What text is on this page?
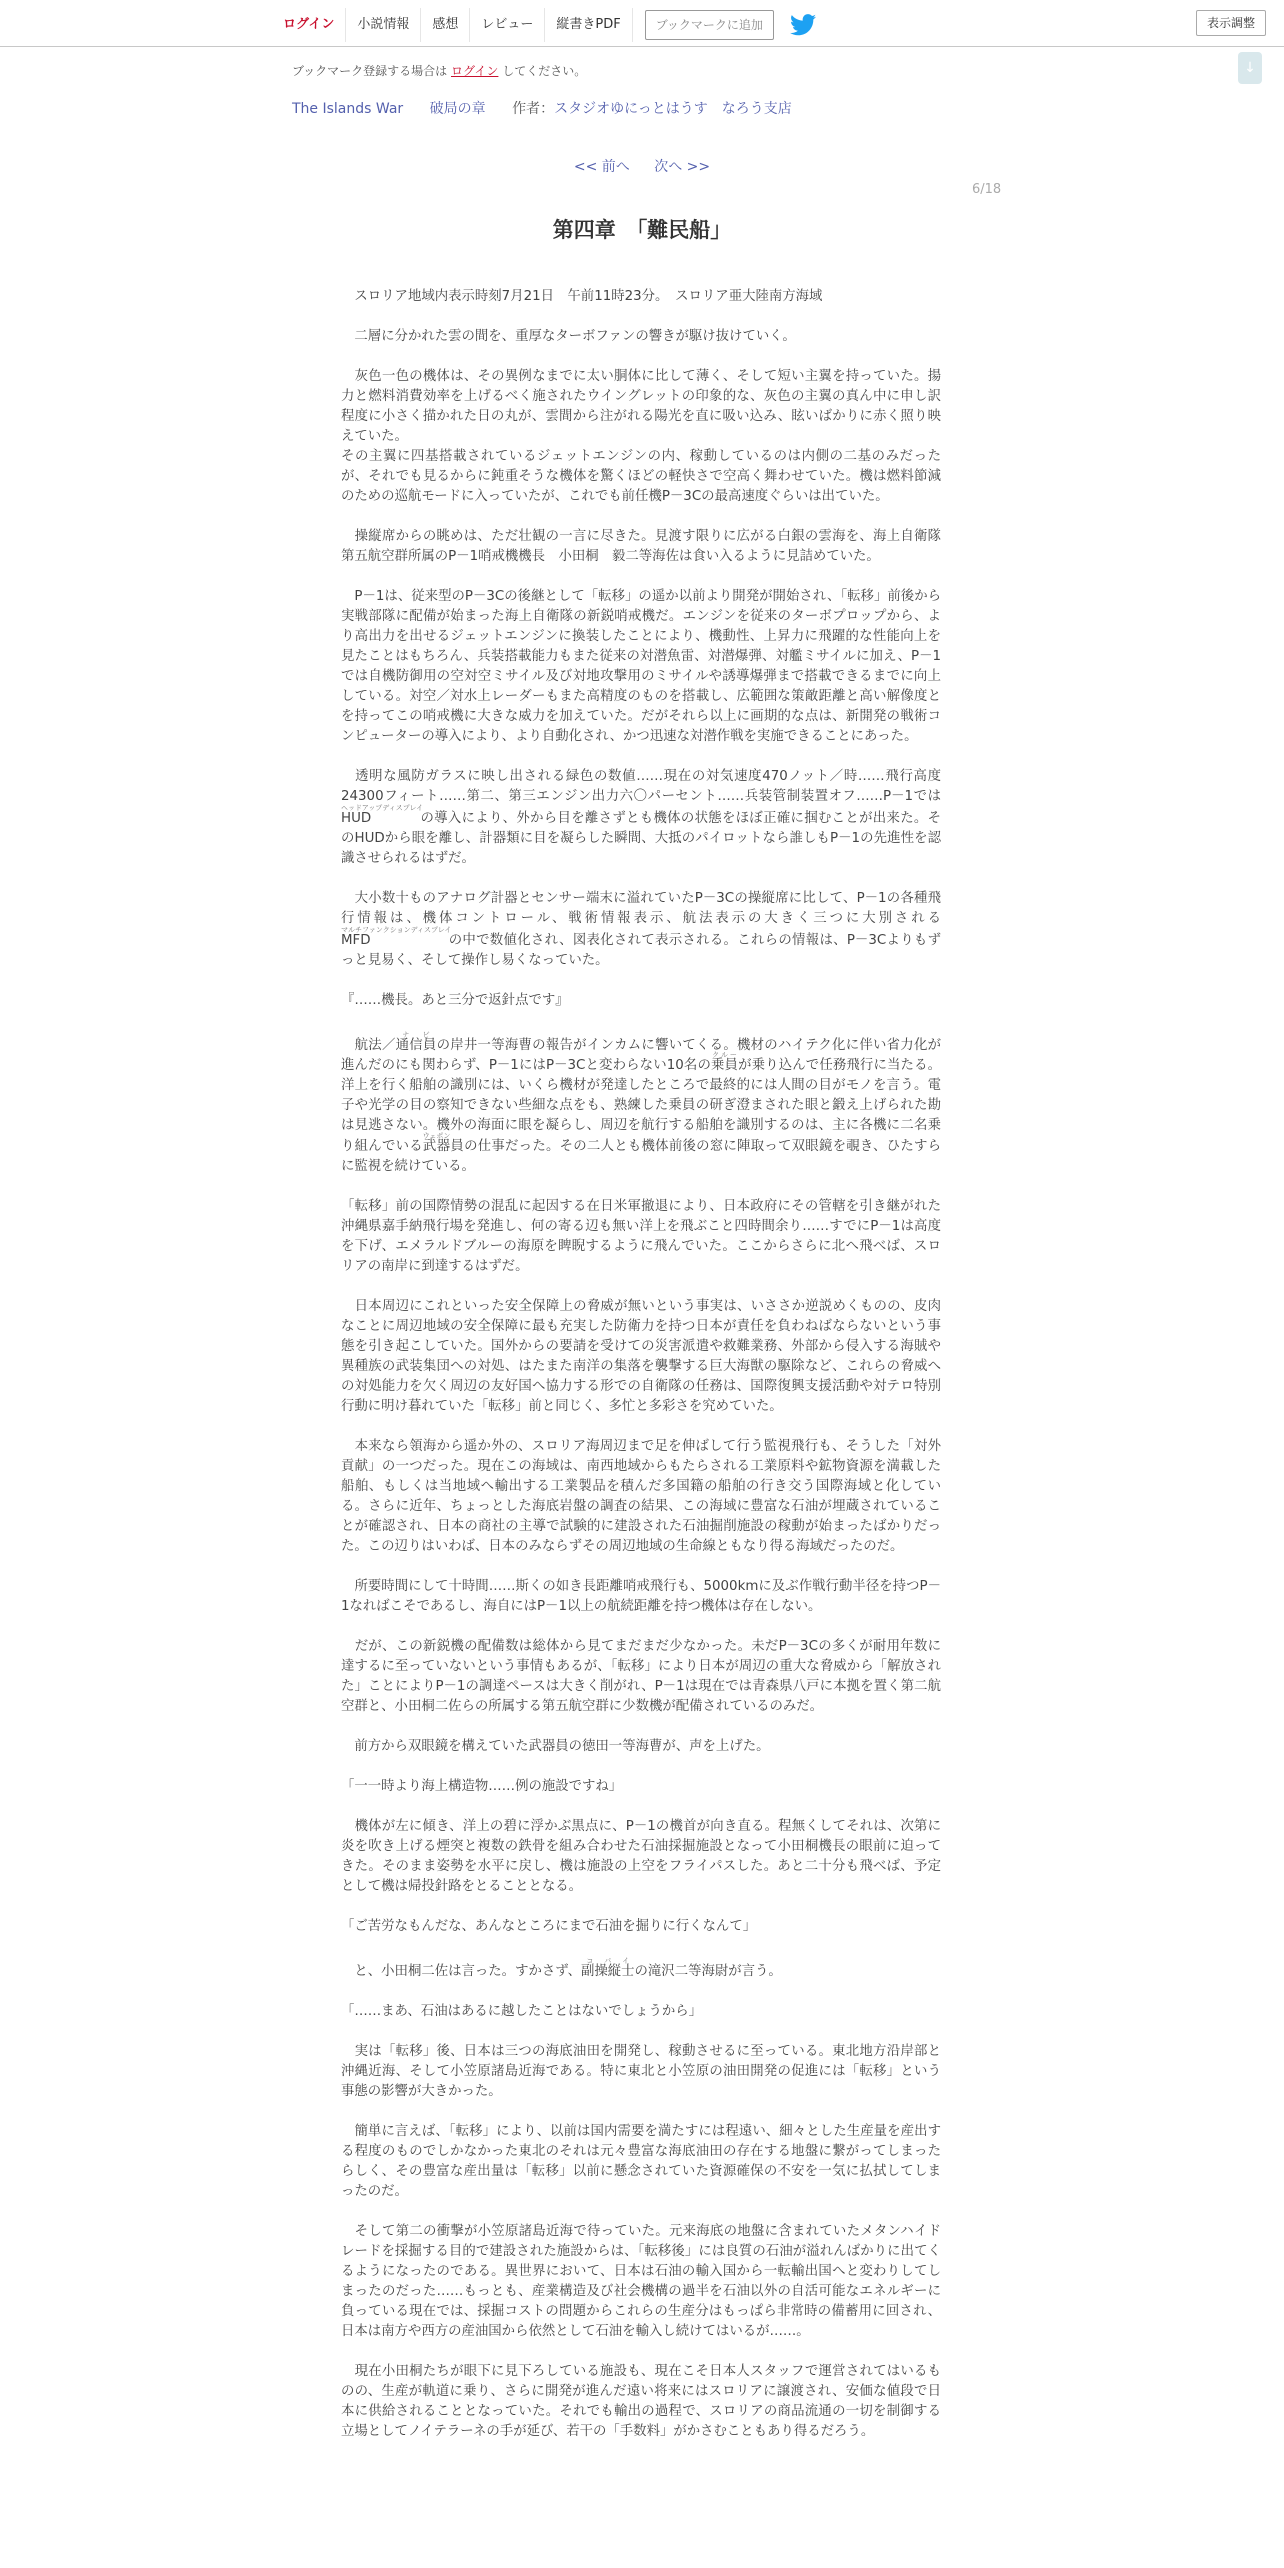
ログイン	小説情報	感想	レビュー	縦書きPDF	ブックマークに追加	表示調整
↓
ブックマーク登録する場合は ログイン してください。
The Islands War 破局の章 作者：スタジオゆにっとはうす　なろう支店
<< 前へ 次へ >>
6/18
第四章　「難民船」

　スロリア地域内表示時刻7月21日　午前11時23分。　スロリア亜大陸南方海域

　二層に分かれた雲の間を、重厚なターボファンの響きが駆け抜けていく。

　灰色一色の機体は、その異例なまでに太い胴体に比して薄く、そして短い主翼を持っていた。揚力と燃料消費効率を上げるべく施されたウイングレットの印象的な、灰色の主翼の真ん中に申し訳程度に小さく描かれた日の丸が、雲間から注がれる陽光を直に吸い込み、眩いばかりに赤く照り映えていた。
その主翼に四基搭載されているジェットエンジンの内、稼動しているのは内側の二基のみだったが、それでも見るからに鈍重そうな機体を驚くほどの軽快さで空高く舞わせていた。機は燃料節減のための巡航モードに入っていたが、これでも前任機P－3Cの最高速度ぐらいは出ていた。

　操縦席からの眺めは、ただ壮観の一言に尽きた。見渡す限りに広がる白銀の雲海を、海上自衛隊第五航空群所属のP－1哨戒機機長　小田桐　毅二等海佐は食い入るように見詰めていた。

　P－1は、従来型のP－3Cの後継として「転移」の遥か以前より開発が開始され、「転移」前後から実戦部隊に配備が始まった海上自衛隊の新鋭哨戒機だ。エンジンを従来のターボプロップから、より高出力を出せるジェットエンジンに換装したことにより、機動性、上昇力に飛躍的な性能向上を見たことはもちろん、兵装搭載能力もまた従来の対潜魚雷、対潜爆弾、対艦ミサイルに加え、P－1では自機防御用の空対空ミサイル及び対地攻撃用のミサイルや誘導爆弾まで搭載できるまでに向上している。対空／対水上レーダーもまた高精度のものを搭載し、広範囲な策敵距離と高い解像度とを持ってこの哨戒機に大きな威力を加えていた。だがそれら以上に画期的な点は、新開発の戦術コンピューターの導入により、より自動化され、かつ迅速な対潜作戦を実施できることにあった。

　透明な風防ガラスに映し出される緑色の数値……現在の対気速度470ノット／時……飛行高度24300フィート……第二、第三エンジン出力六〇パーセント……兵装管制装置オフ……P－1ではHUDヘッドアップディスプレイの導入により、外から目を離さずとも機体の状態をほぼ正確に掴むことが出来た。そのHUDから眼を離し、計器類に目を凝らした瞬間、大抵のパイロットなら誰しもP－1の先進性を認識させられるはずだ。

　大小数十ものアナログ計器とセンサー端末に溢れていたP－3Cの操縦席に比して、P－1の各種飛行情報は、機体コントロール、戦術情報表示、航法表示の大きく三つに大別されるMFDマルチファンクションディスプレイの中で数値化され、図表化されて表示される。これらの情報は、P－3Cよりもずっと見易く、そして操作し易くなっていた。

『……機長。あと三分で返針点です』

　航法／通信員ナビの岸井一等海曹の報告がインカムに響いてくる。機材のハイテク化に伴い省力化が進んだのにも関わらず、P－1にはP－3Cと変わらない10名の乗員クルーが乗り込んで任務飛行に当たる。洋上を行く船舶の識別には、いくら機材が発達したところで最終的には人間の目がモノを言う。電子や光学の目の察知できない些細な点をも、熟練した乗員の研ぎ澄まされた眼と鍛え上げられた勘は見逃さない。機外の海面に眼を凝らし、周辺を航行する船舶を識別するのは、主に各機に二名乗り組んでいる武器ウェポン員の仕事だった。その二人とも機体前後の窓に陣取って双眼鏡を覗き、ひたすらに監視を続けている。

「転移」前の国際情勢の混乱に起因する在日米軍撤退により、日本政府にその管轄を引き継がれた沖縄県嘉手納飛行場を発進し、何の寄る辺も無い洋上を飛ぶこと四時間余り……すでにP－1は高度を下げ、エメラルドブルーの海原を睥睨するように飛んでいた。ここからさらに北へ飛べば、スロリアの南岸に到達するはずだ。

　日本周辺にこれといった安全保障上の脅威が無いという事実は、いささか逆説めくものの、皮肉なことに周辺地域の安全保障に最も充実した防衛力を持つ日本が責任を負わねばならないという事態を引き起こしていた。国外からの要請を受けての災害派遣や救難業務、外部から侵入する海賊や異種族の武装集団への対処、はたまた南洋の集落を襲撃する巨大海獣の駆除など、これらの脅威への対処能力を欠く周辺の友好国へ協力する形での自衛隊の任務は、国際復興支援活動や対テロ特別行動に明け暮れていた「転移」前と同じく、多忙と多彩さを究めていた。

　本来なら領海から遥か外の、スロリア海周辺まで足を伸ばして行う監視飛行も、そうした「対外貢献」の一つだった。現在この海域は、南西地域からもたらされる工業原料や鉱物資源を満載した船舶、もしくは当地域へ輸出する工業製品を積んだ多国籍の船舶の行き交う国際海域と化している。さらに近年、ちょっとした海底岩盤の調査の結果、この海域に豊富な石油が埋蔵されていることが確認され、日本の商社の主導で試験的に建設された石油掘削施設の稼動が始まったばかりだった。この辺りはいわば、日本のみならずその周辺地域の生命線ともなり得る海域だったのだ。

　所要時間にして十時間……斯くの如き長距離哨戒飛行も、5000kmに及ぶ作戦行動半径を持つP－1なればこそであるし、海自にはP－1以上の航続距離を持つ機体は存在しない。

　だが、この新鋭機の配備数は総体から見てまだまだ少なかった。未だP－3Cの多くが耐用年数に達するに至っていないという事情もあるが、「転移」により日本が周辺の重大な脅威から「解放された」ことによりP－1の調達ペースは大きく削がれ、P－1は現在では青森県八戸に本拠を置く第二航空群と、小田桐二佐らの所属する第五航空群に少数機が配備されているのみだ。

　前方から双眼鏡を構えていた武器員の徳田一等海曹が、声を上げた。

「一一時より海上構造物……例の施設ですね」

　機体が左に傾き、洋上の碧に浮かぶ黒点に、P－1の機首が向き直る。程無くしてそれは、次第に炎を吹き上げる煙突と複数の鉄骨を組み合わせた石油採掘施設となって小田桐機長の眼前に迫ってきた。そのまま姿勢を水平に戻し、機は施設の上空をフライパスした。あと二十分も飛べば、予定として機は帰投針路をとることとなる。

「ご苦労なもんだな、あんなところにまで石油を掘りに行くなんて」

　と、小田桐二佐は言った。すかさず、副操縦士コパイの滝沢二等海尉が言う。

「……まあ、石油はあるに越したことはないでしょうから」

　実は「転移」後、日本は三つの海底油田を開発し、稼動させるに至っている。東北地方沿岸部と沖縄近海、そして小笠原諸島近海である。特に東北と小笠原の油田開発の促進には「転移」という事態の影響が大きかった。

　簡単に言えば、「転移」により、以前は国内需要を満たすには程遠い、細々とした生産量を産出する程度のものでしかなかった東北のそれは元々豊富な海底油田の存在する地盤に繋がってしまったらしく、その豊富な産出量は「転移」以前に懸念されていた資源確保の不安を一気に払拭してしまったのだ。

　そして第二の衝撃が小笠原諸島近海で待っていた。元来海底の地盤に含まれていたメタンハイドレードを採掘する目的で建設された施設からは、「転移後」には良質の石油が溢れんばかりに出てくるようになったのである。異世界において、日本は石油の輸入国から一転輸出国へと変わりしてしまったのだった……もっとも、産業構造及び社会機構の過半を石油以外の自活可能なエネルギーに負っている現在では、採掘コストの問題からこれらの生産分はもっぱら非常時の備蓄用に回され、日本は南方や西方の産油国から依然として石油を輸入し続けてはいるが……。

　現在小田桐たちが眼下に見下ろしている施設も、現在こそ日本人スタッフで運営されてはいるものの、生産が軌道に乗り、さらに開発が進んだ遠い将来にはスロリアに譲渡され、安価な値段で日本に供給されることとなっていた。それでも輸出の過程で、スロリアの商品流通の一切を制御する立場としてノイテラーネの手が延び、若干の「手数料」がかさむこともあり得るだろう。
